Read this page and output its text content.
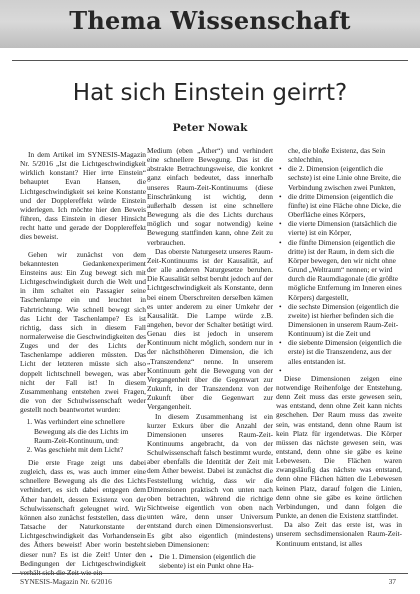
Thema Wissenschaft
Hat sich Einstein geirrt?
Peter Nowak

In dem Artikel im SYNESIS-Magazin Nr. 5/2016 „Ist die Lichtgeschwindigkeit wirklich konstant? Hier irrte Einstein“ behauptet Evan Hansen, die Lichtgeschwindigkeit sei keine Konstante und der Dopplereffekt würde Einstein widerlegen. Ich möchte hier den Beweis führen, dass Einstein in dieser Hinsicht recht hatte und gerade der Dopplereffekt dies beweist.

Gehen wir zunächst von dem bekanntesten Gedankenexperiment Einsteins aus: Ein Zug bewegt sich mit Lichtgeschwindigkeit durch die Welt und in ihm schaltet ein Passagier seine Taschenlampe ein und leuchtet in Fahrtrichtung. Wie schnell bewegt sich das Licht der Taschenlampe? Es ist richtig, dass sich in diesem Fall normalerweise die Geschwindigkeiten des Zuges und der des Lichts der Taschenlampe addieren müssten. Das Licht der letzteren müsste sich also doppelt lichtschnell bewegen, was aber nicht der Fall ist! In diesem Zusammenhang entstehen zwei Fragen, die von der Schulwissenschaft weder gestellt noch beantwortet wurden:

1. Was verhindert eine schnellere Bewegung als die des Lichts im Raum-Zeit-Kontinuum, und:
2. Was geschieht mit dem Licht?

Die erste Frage zeigt uns dabei zugleich, dass es, was auch immer eine schnellere Bewegung als die des Lichts verhindert, es sich dabei entgegen dem Äther handelt, dessen Existenz von der Schulwissenschaft geleugnet wird. Wir können also zunächst feststellen, dass die Tatsache der Naturkonstante der Lichtgeschwindigkeit das Vorhandensein des Äthers beweist! Aber worin besteht dieser nun? Es ist die Zeit! Unter den Bedingungen der Lichtgeschwindigkeit

Medium (eben „Äther“) und verhindert eine schnellere Bewegung. Das ist die abstrakte Betrachtungsweise, die konkret ganz einfach bedeutet, dass innerhalb unseres Raum-Zeit-Kontinuums (diese Einschränkung ist wichtig, denn außerhalb dessen ist eine schnellere Bewegung als die des Lichts durchaus möglich und sogar notwendig) keine Bewegung stattfinden kann, ohne Zeit zu verbrauchen.

Das oberste Naturgesetz unseres Raum-Zeit-Kontinuums ist der Kausalität, auf der alle anderen Naturgesetze beruhen. Die Kausalität selbst beruht jedoch auf der Lichtgeschwindigkeit als Konstante, denn bei einem Überschreiten derselben kämen es unter anderem zu einer Umkehr der Kausalität. Die Lampe würde z.B. angehen, bevor der Schalter betätigt wird. Genau dies ist jedoch in unserem Kontinuum nicht möglich, sondern nur in der nächsthöheren Dimension, die ich „Transzendenz“ nenne. In unserem Kontinuum geht die Bewegung von der Vergangenheit über die Gegenwart zur Zukunft, in der Transzendenz von der Zukunft über die Gegenwart zur Vergangenheit.

In diesem Zusammenhang ist ein kurzer Exkurs über die Anzahl der Dimensionen unseres Raum-Zeit-Kontinuums angebracht, da von der Schulwissenschaft falsch bestimmt wurde, aber ebenfalls die Identität der Zeit mit dem Äther beweist. Dabei ist zunächst die Feststellung wichtig, dass wir die Dimensionen praktisch von unten nach oben betrachten, während die richtige Sichtweise eigentlich von oben nach unten wäre, denn unser Universum entstand durch einen Dimensionsverlust. Es gibt also eigentlich (mindestens) sieben Dimensionen:

• Die 1. Dimension (eigentlich die siebente) ist ein Punkt ohne Ha-

che, die bloße Existenz, das Sein schlechthin,

• die 2. Dimension (eigentlich die sechste) ist eine Linie ohne Breite, die Verbindung zwischen zwei Punkten,
• die dritte Dimension (eigentlich die fünfte) ist eine Fläche ohne Dicke, die Oberfläche eines Körpers,
• die vierte Dimension (tatsächlich die vierte) ist ein Körper,
• die fünfte Dimension (eigentlich die dritte) ist der Raum, in dem sich die Körper bewegen, den wir nicht ohne Grund „Weltraum“ nennen; er wird durch die Raumdiagonale (die größte mögliche Entfernung im Inneren eines Körpers) dargestellt,
• die sechste Dimension (eigentlich die zweite) ist hierher befinden sich die Dimensionen in unserem Raum-Zeit-Kontinuum) ist die Zeit und
• die siebente Dimension (eigentlich die erste) ist die Transzendenz, aus der alles entstanden ist.

Diese Dimensionen zeigen eine notwendige Reihenfolge der Entstehung, denn Zeit muss das erste gewesen sein, was entstand, denn ohne Zeit kann nichts geschehen. Der Raum muss das zweite sein, was entstand, denn ohne Raum ist kein Platz für irgendetwas. Die Körper müssen das nächste gewesen sein, was entstand, denn ohne sie gäbe es keine Lebewesen. Die Flächen waren zwangsläufig das nächste was entstand, denn ohne Flächen hätten die Lebewesen keinen Platz, darauf folgen die Linien, denn ohne sie gäbe es keine örtlichen Verbindungen, und dann folgen die Punkte, an denen die Existenz stattfindet.

Da also Zeit das erste ist, was in unserem sechsdimensionalen Raum-Zeit-Kontinuum entstand, ist alles

SYNESIS-Magazin Nr. 6/2016	37
